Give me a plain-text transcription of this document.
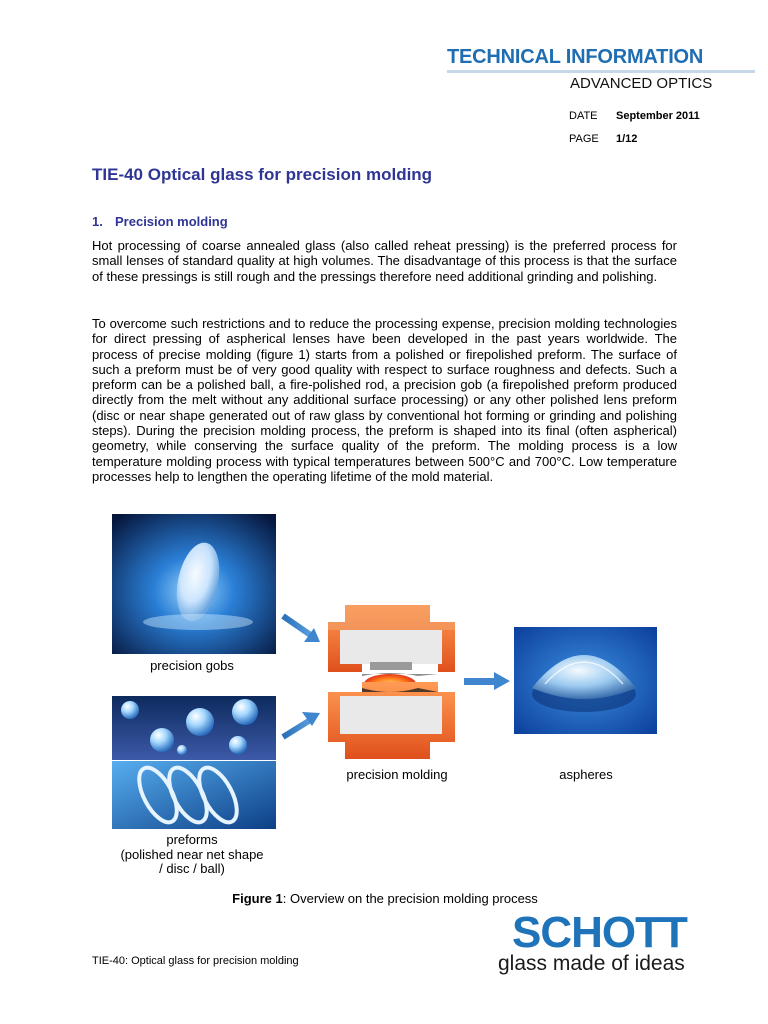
TECHNICAL INFORMATION
ADVANCED OPTICS
DATE September 2011
PAGE 1/12
TIE-40 Optical glass for precision molding
1. Precision molding
Hot processing of coarse annealed glass (also called reheat pressing) is the preferred process for small lenses of standard quality at high volumes. The disadvantage of this process is that the surface of these pressings is still rough and the pressings therefore need additional grinding and polishing.
To overcome such restrictions and to reduce the processing expense, precision molding technologies for direct pressing of aspherical lenses have been developed in the past years worldwide. The process of precise molding (figure 1) starts from a polished or firepolished preform. The surface of such a preform must be of very good quality with respect to surface roughness and defects. Such a preform can be a polished ball, a fire-polished rod, a precision gob (a firepolished preform produced directly from the melt without any additional surface processing) or any other polished lens preform (disc or near shape generated out of raw glass by conventional hot forming or grinding and polishing steps). During the precision molding process, the preform is shaped into its final (often aspherical) geometry, while conserving the surface quality of the preform. The molding process is a low temperature molding process with typical temperatures between 500°C and 700°C. Low temperature processes help to lengthen the operating lifetime of the mold material.
precision gobs
preforms
(polished near net shape
/ disc / ball)
precision molding	aspheres
Figure 1: Overview on the precision molding process
TIE-40: Optical glass for precision molding
SCHOTT
glass made of ideas
